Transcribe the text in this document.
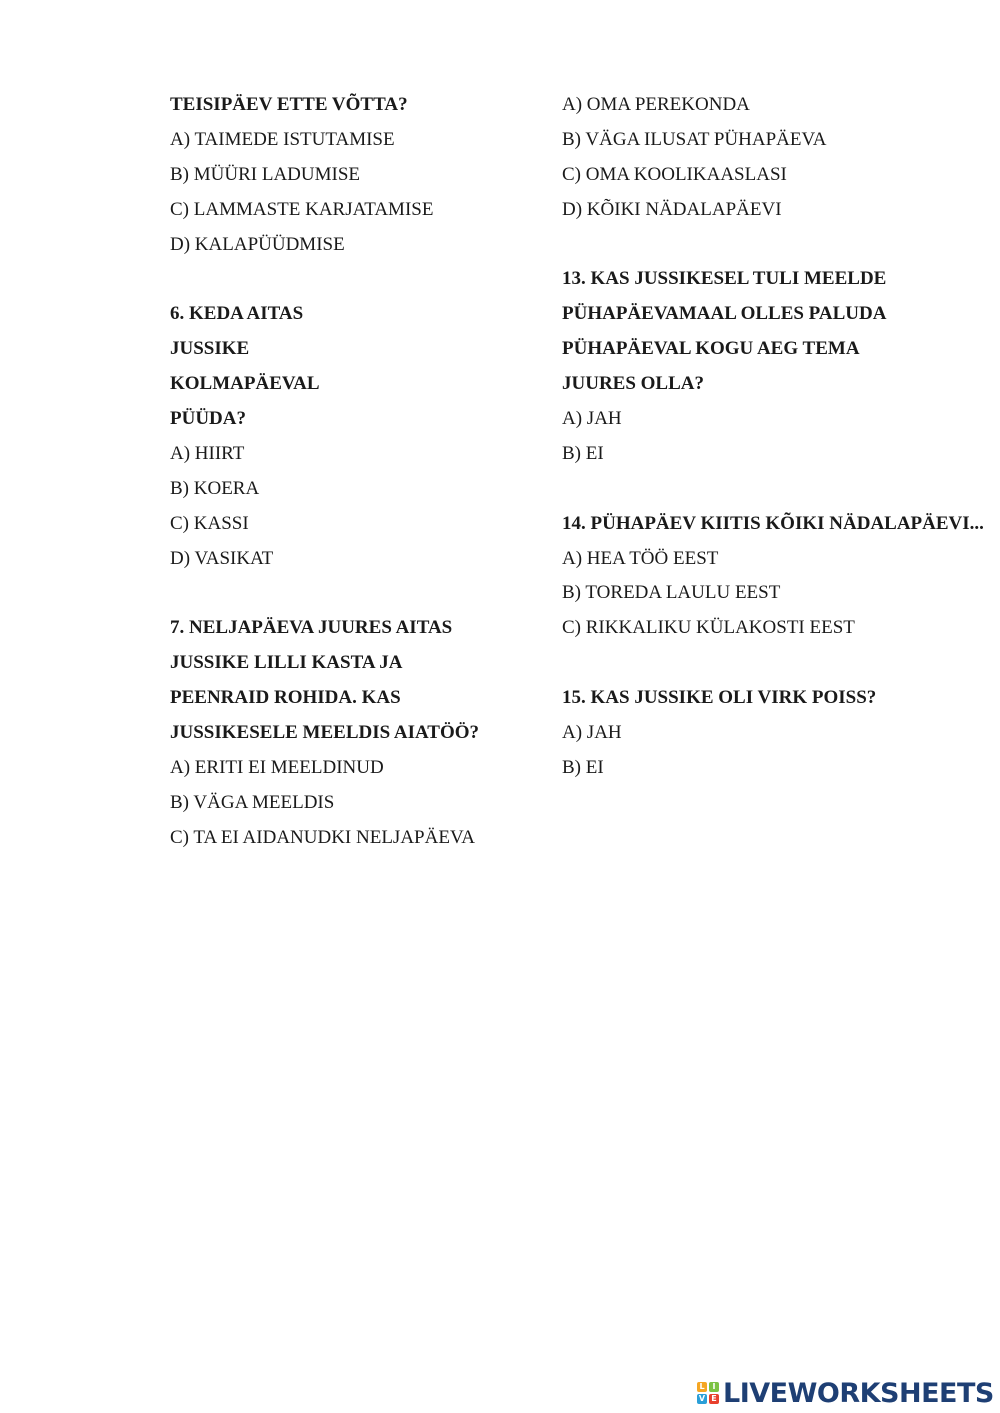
TEISIPÄEV ETTE VÕTTA?
A) TAIMEDE ISTUTAMISE
B) MÜÜRI LADUMISE
C) LAMMASTE KARJATAMISE
D) KALAPÜÜDMISE
6. KEDA AITAS
JUSSIKE
KOLMAPÄEVAL
PÜÜDA?
A) HIIRT
B) KOERA
C) KASSI
D) VASIKAT
7. NELJAPÄEVA JUURES AITAS
JUSSIKE LILLI KASTA JA
PEENRAID ROHIDA. KAS
JUSSIKESELE MEELDIS AIATÖÖ?
A) ERITI EI MEELDINUD
B) VÄGA MEELDIS
C) TA EI AIDANUDKI NELJAPÄEVA
A) OMA PEREKONDA
B) VÄGA ILUSAT PÜHAPÄEVA
C) OMA KOOLIKAASLASI
D) KÕIKI NÄDALAPÄEVI
13. KAS JUSSIKESEL TULI MEELDE
PÜHAPÄEVAMAAL OLLES PALUDA
PÜHAPÄEVAL KOGU AEG TEMA
JUURES OLLA?
A) JAH
B) EI
14. PÜHAPÄEV KIITIS KÕIKI NÄDALAPÄEVI...
A) HEA TÖÖ EEST
B) TOREDA LAULU EEST
C) RIKKALIKU KÜLAKOSTI EEST
15. KAS JUSSIKE OLI VIRK POISS?
A) JAH
B) EI
L I
V E LIVEWORKSHEETS
